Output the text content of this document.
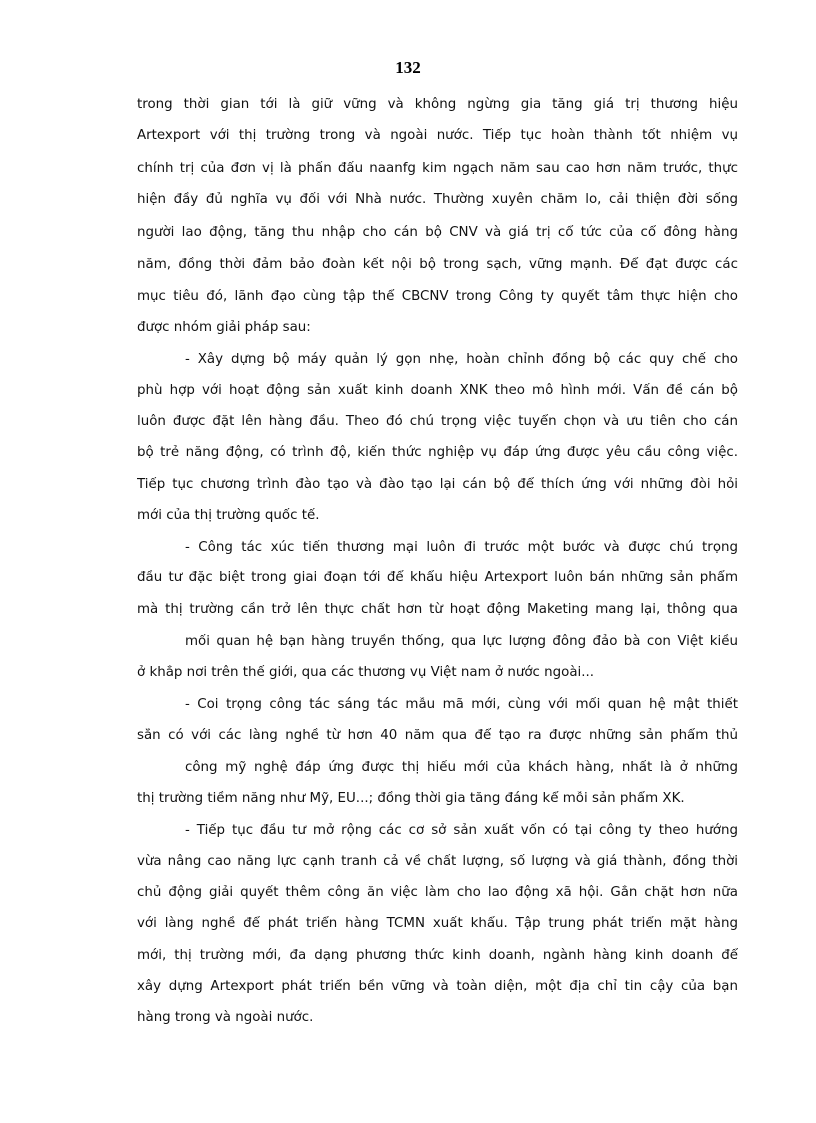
132
trong thời gian tới là giữ vững và không ngừng gia tăng giá trị thương hiệu
Artexport với thị trường trong và ngoài nước. Tiếp tục hoàn thành tốt nhiệm vụ
chính trị của đơn vị là phấn đấu naanfg kim ngạch năm sau cao hơn năm trước, thực
hiện đầy đủ nghĩa vụ đối với Nhà nước. Thường xuyên chăm lo, cải thiện đời sống
người lao động, tăng thu nhập cho cán bộ CNV và giá trị cổ tức của cổ đông hàng
năm, đồng thời đảm bảo đoàn kết nội bộ trong sạch, vững mạnh. Để đạt được các
mục tiêu đó, lãnh đạo cùng tập thể CBCNV trong Công ty quyết tâm thực hiện cho
được nhóm giải pháp sau:
- Xây dựng bộ máy quản lý gọn nhẹ, hoàn chỉnh đồng bộ các quy chế cho
phù hợp với hoạt động sản xuất kinh doanh XNK theo mô hình mới. Vấn đề cán bộ
luôn được đặt lên hàng đầu. Theo đó chú trọng việc tuyển chọn và ưu tiên cho cán
bộ trẻ năng động, có trình độ, kiến thức nghiệp vụ đáp ứng được yêu cầu công việc.
Tiếp tục chương trình đào tạo và đào tạo lại cán bộ để thích ứng với những đòi hỏi
mới của thị trường quốc tế.
- Công tác xúc tiến thương mại luôn đi trước một bước và được chú trọng
đầu tư đặc biệt trong giai đoạn tới để khẩu hiệu Artexport luôn bán những sản phẩm
mà thị trường cần trở lên thực chất hơn từ hoạt động Maketing mang lại, thông qua
mối quan hệ bạn hàng truyền thống, qua lực lượng đông đảo bà con Việt kiều
ở khắp nơi trên thế giới, qua các thương vụ Việt nam ở nước ngoài...
- Coi trọng công tác sáng tác mẫu mã mới, cùng với mối quan hệ mật thiết
sẵn có với các làng nghề từ hơn 40 năm qua để tạo ra được những sản phẩm thủ
công mỹ nghệ đáp ứng được thị hiếu mới của khách hàng, nhất là ở những
thị trường tiềm năng như Mỹ, EU...; đồng thời gia tăng đáng kể mỗi sản phẩm XK.
- Tiếp tục đầu tư mở rộng các cơ sở sản xuất vốn có tại công ty theo hướng
vừa nâng cao năng lực cạnh tranh cả về chất lượng, số lượng và giá thành, đồng thời
chủ động giải quyết thêm công ăn việc làm cho lao động xã hội. Gắn chặt hơn nữa
với làng nghề để phát triển hàng TCMN xuất khẩu. Tập trung phát triển mặt hàng
mới, thị trường mới, đa dạng phương thức kinh doanh, ngành hàng kinh doanh để
xây dựng Artexport phát triển bền vững và toàn diện, một địa chỉ tin cậy của bạn
hàng trong và ngoài nước.
